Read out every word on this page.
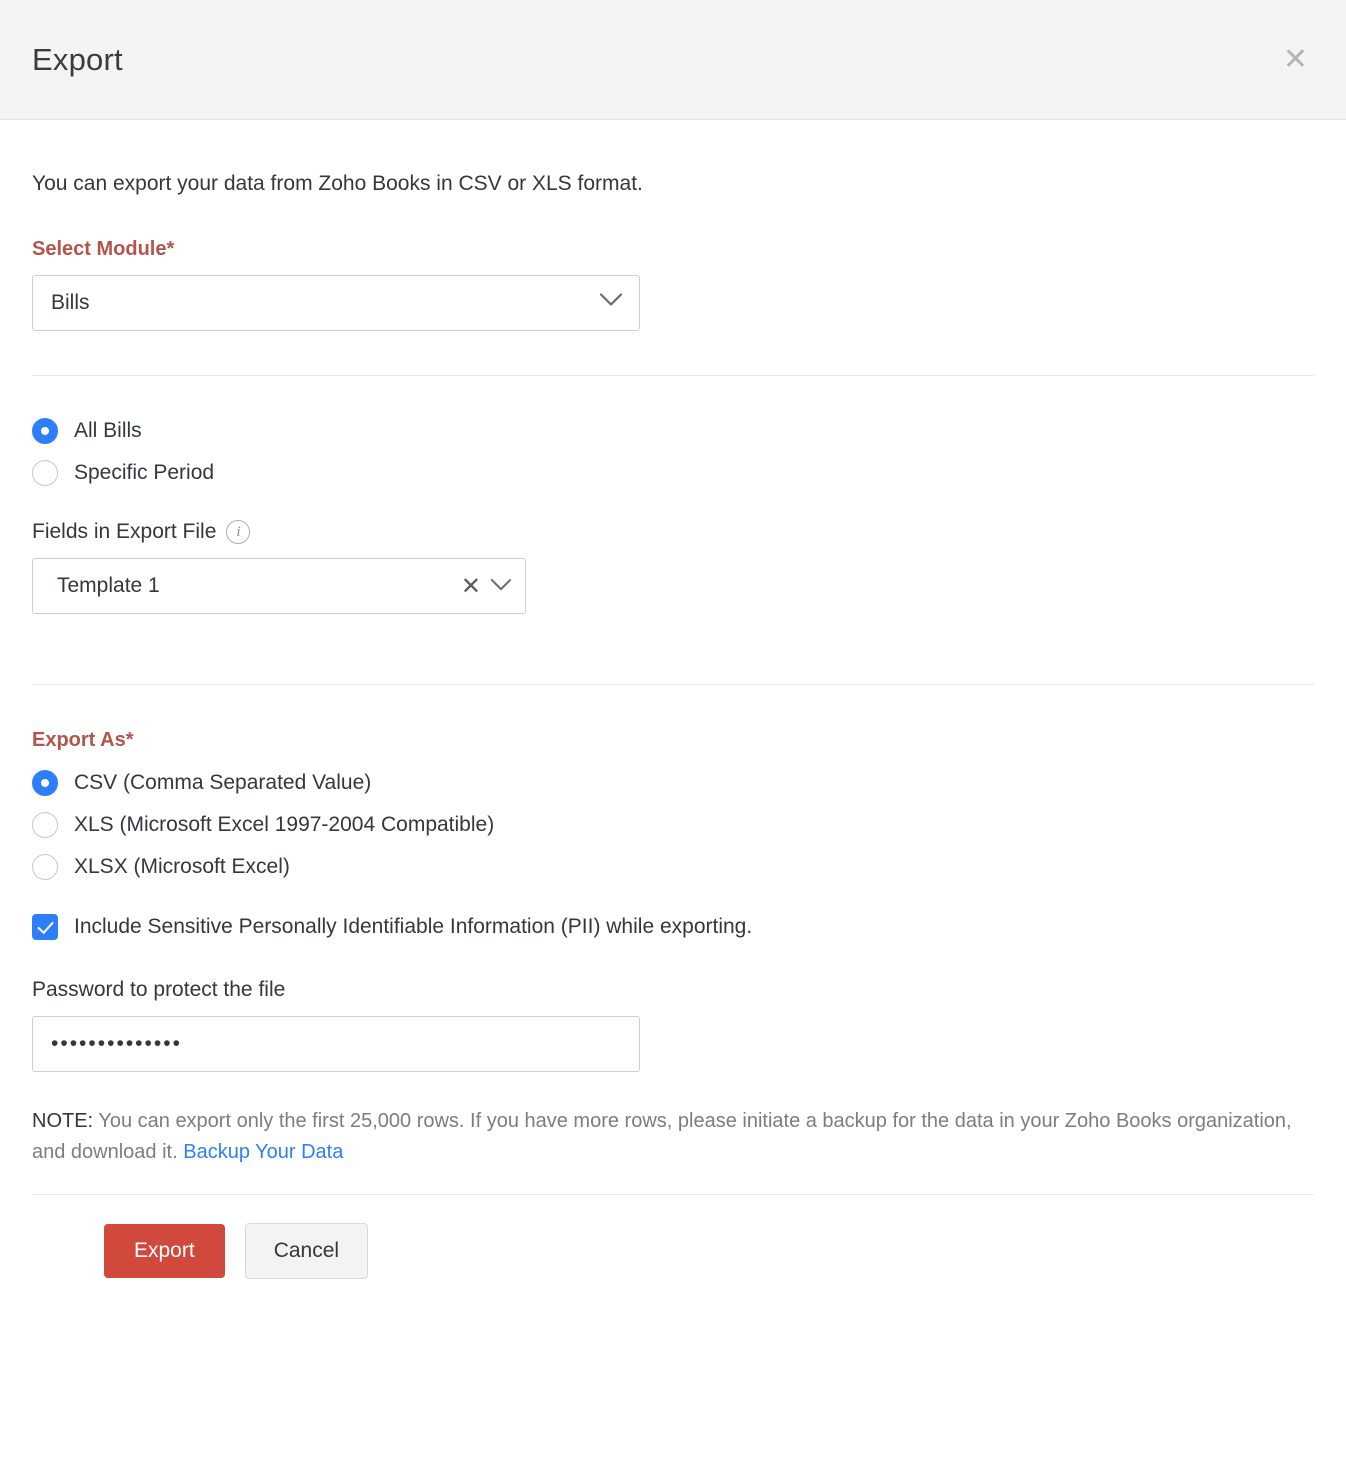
Export	✕
You can export your data from Zoho Books in CSV or XLS format.
Select Module*
Bills
All Bills
Specific Period
Fields in Export File	i
Template 1	✕
Export As*
CSV (Comma Separated Value)
XLS (Microsoft Excel 1997-2004 Compatible)
XLSX (Microsoft Excel)
Include Sensitive Personally Identifiable Information (PII) while exporting.
Password to protect the file
••••••••••••••
NOTE: You can export only the first 25,000 rows. If you have more rows, please initiate a backup for the data in your Zoho Books organization, and download it. Backup Your Data
Export	Cancel
